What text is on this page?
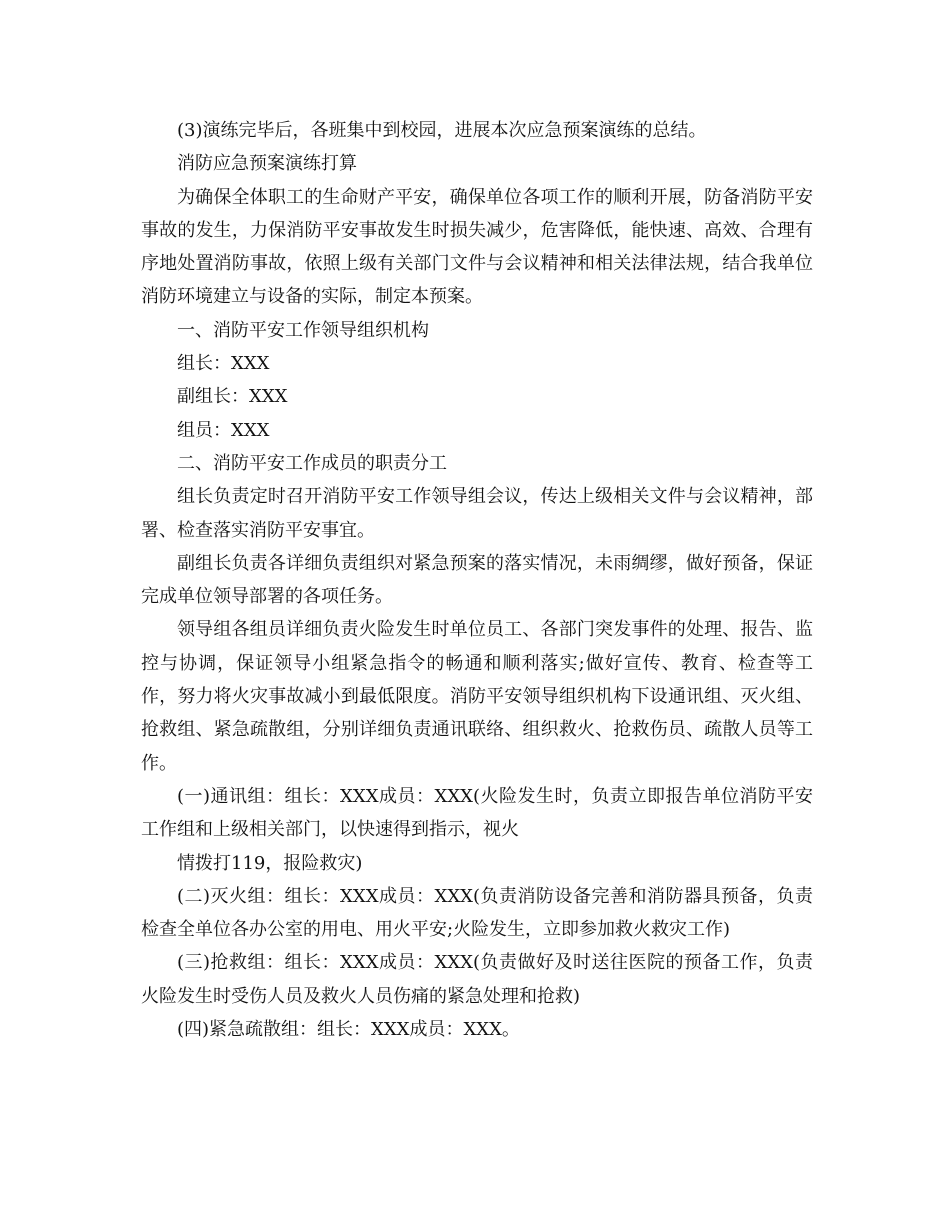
(3)演练完毕后，各班集中到校园，进展本次应急预案演练的总结。

消防应急预案演练打算

为确保全体职工的生命财产平安，确保单位各项工作的顺利开展，防备消防平安事故的发生，力保消防平安事故发生时损失减少，危害降低，能快速、高效、合理有序地处置消防事故，依照上级有关部门文件与会议精神和相关法律法规，结合我单位消防环境建立与设备的实际，制定本预案。

一、消防平安工作领导组织机构

组长：XXX

副组长：XXX

组员：XXX

二、消防平安工作成员的职责分工

组长负责定时召开消防平安工作领导组会议，传达上级相关文件与会议精神，部署、检查落实消防平安事宜。

副组长负责各详细负责组织对紧急预案的落实情况，未雨绸缪，做好预备，保证完成单位领导部署的各项任务。

领导组各组员详细负责火险发生时单位员工、各部门突发事件的处理、报告、监控与协调，保证领导小组紧急指令的畅通和顺利落实;做好宣传、教育、检查等工作，努力将火灾事故减小到最低限度。消防平安领导组织机构下设通讯组、灭火组、抢救组、紧急疏散组，分别详细负责通讯联络、组织救火、抢救伤员、疏散人员等工作。

(一)通讯组：组长：XXX成员：XXX(火险发生时，负责立即报告单位消防平安工作组和上级相关部门，以快速得到指示，视火

情拨打119，报险救灾)

(二)灭火组：组长：XXX成员：XXX(负责消防设备完善和消防器具预备，负责检查全单位各办公室的用电、用火平安;火险发生，立即参加救火救灾工作)

(三)抢救组：组长：XXX成员：XXX(负责做好及时送往医院的预备工作，负责火险发生时受伤人员及救火人员伤痛的紧急处理和抢救)

(四)紧急疏散组：组长：XXX成员：XXX。
